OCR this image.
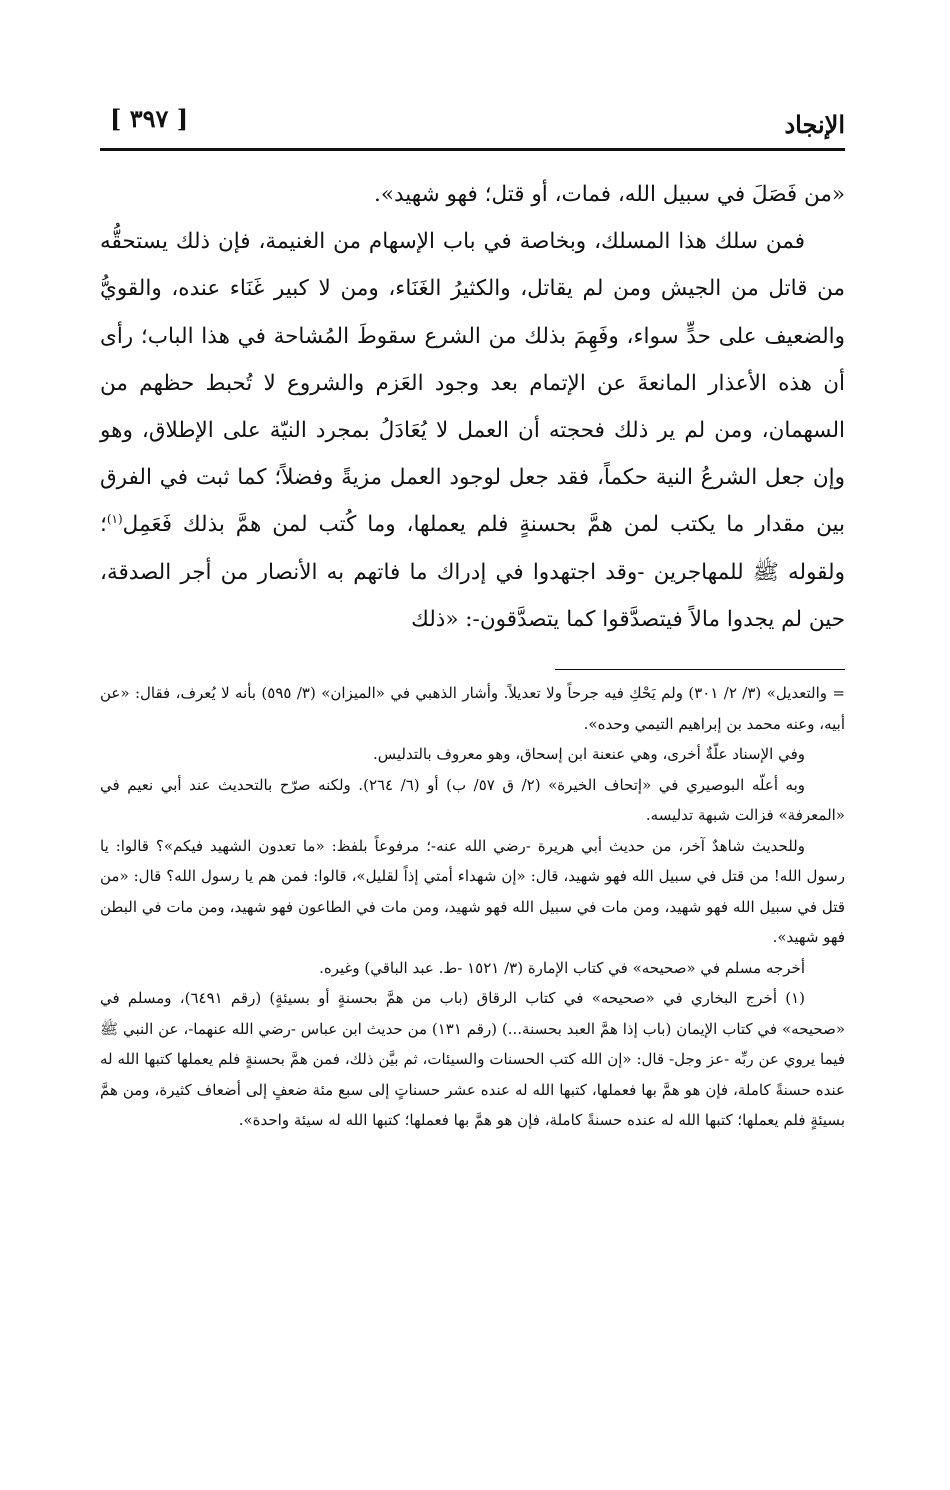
الإنجاد
[ ٣٩٧ ]

«من فَصَلَ في سبيل الله، فمات، أو قتل؛ فهو شهيد».

فمن سلك هذا المسلك، وبخاصة في باب الإسهام من الغنيمة، فإن ذلك يستحقُّه من قاتل من الجيش ومن لم يقاتل، والكثيرُ الغَنَاء، ومن لا كبير غَنَاء عنده، والقويُّ والضعيف على حدٍّ سواء، وفَهِمَ بذلك من الشرع سقوطَ المُشاحة في هذا الباب؛ رأى أن هذه الأعذار المانعةَ عن الإتمام بعد وجود العَزم والشروع لا تُحبط حظهم من السهمان، ومن لم ير ذلك فحجته أن العمل لا يُعَادَلُ بمجرد النيّة على الإطلاق، وهو وإن جعل الشرعُ النية حكماً، فقد جعل لوجود العمل مزيةً وفضلاً؛ كما ثبت في الفرق بين مقدار ما يكتب لمن همَّ بحسنةٍ فلم يعملها، وما كُتب لمن همَّ بذلك فَعَمِل$^{(١)}$؛ ولقوله ﷺ للمهاجرين -وقد اجتهدوا في إدراك ما فاتهم به الأنصار من أجر الصدقة، حين لم يجدوا مالاً فيتصدَّقوا كما يتصدَّقون-: «ذلك

= والتعديل» (٣/ ٢/ ٣٠١) ولم يَحْكِ فيه جرحاً ولا تعديلاً. وأشار الذهبي في «الميزان» (٣/ ٥٩٥) بأنه لا يُعرف، فقال: «عن أبيه، وعنه محمد بن إبراهيم التيمي وحده».

وفي الإسناد علّةٌ أخرى، وهي عنعنة ابن إسحاق، وهو معروف بالتدليس.

وبه أعلّه البوصيري في «إتحاف الخيرة» (٢/ ق ٥٧/ ب) أو (٦/ ٢٦٤). ولكنه صرّح بالتحديث عند أبي نعيم في «المعرفة» فزالت شبهة تدليسه.

وللحديث شاهدٌ آخر، من حديث أبي هريرة -رضي الله عنه-؛ مرفوعاً بلفظ: «ما تعدون الشهيد فيكم»؟ قالوا: يا رسول الله! من قتل في سبيل الله فهو شهيد، قال: «إن شهداء أمتي إذاً لقليل»، قالوا: فمن هم يا رسول الله؟ قال: «من قتل في سبيل الله فهو شهيد، ومن مات في سبيل الله فهو شهيد، ومن مات في الطاعون فهو شهيد، ومن مات في البطن فهو شهيد».

أخرجه مسلم في «صحيحه» في كتاب الإمارة (٣/ ١٥٢١ -ط. عبد الباقي) وغيره.

(١) أخرج البخاري في «صحيحه» في كتاب الرقاق (باب من همَّ بحسنةٍ أو بسيئةٍ) (رقم ٦٤٩١)، ومسلم في «صحيحه» في كتاب الإيمان (باب إذا همَّ العبد بحسنة...) (رقم ١٣١) من حديث ابن عباس -رضي الله عنهما-، عن النبي ﷺ فيما يروي عن ربِّه -عز وجل- قال: «إن الله كتب الحسنات والسيئات، ثم بيَّن ذلك، فمن همَّ بحسنةٍ فلم يعملها كتبها الله له عنده حسنةً كاملة، فإن هو همَّ بها فعملها، كتبها الله له عنده عشر حسناتٍ إلى سبع مئة ضعفٍ إلى أضعاف كثيرة، ومن همَّ بسيئةٍ فلم يعملها؛ كتبها الله له عنده حسنةً كاملة، فإن هو همَّ بها فعملها؛ كتبها الله له سيئة واحدة».
